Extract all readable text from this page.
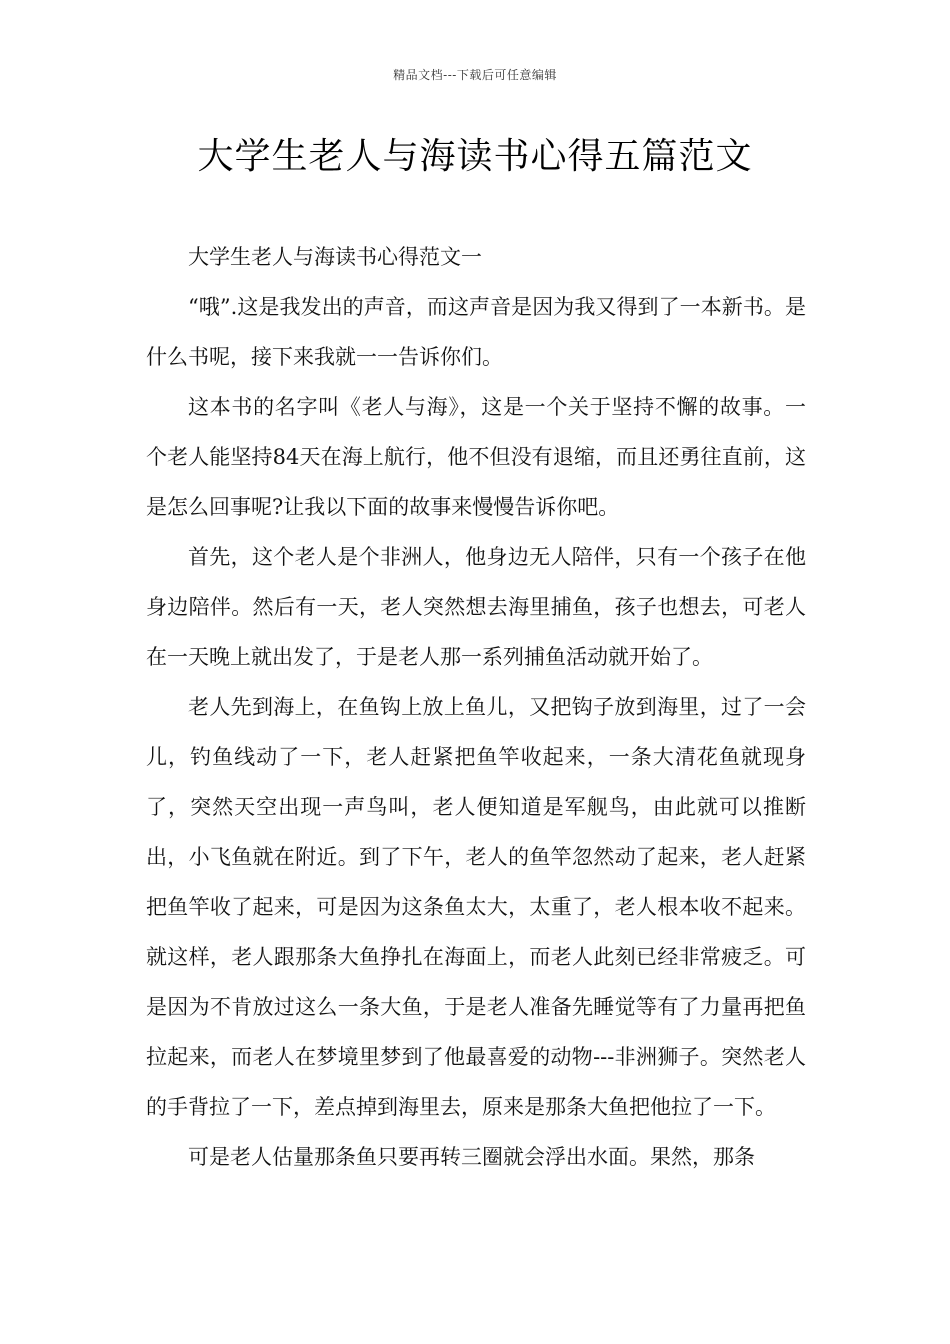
精品文档---下载后可任意编辑
大学生老人与海读书心得五篇范文

大学生老人与海读书心得范文一

“哦”.这是我发出的声音，而这声音是因为我又得到了一本新书。是什么书呢，接下来我就一一告诉你们。

这本书的名字叫《老人与海》，这是一个关于坚持不懈的故事。一个老人能坚持84天在海上航行，他不但没有退缩，而且还勇往直前，这是怎么回事呢?让我以下面的故事来慢慢告诉你吧。

首先，这个老人是个非洲人，他身边无人陪伴，只有一个孩子在他身边陪伴。然后有一天，老人突然想去海里捕鱼，孩子也想去，可老人在一天晚上就出发了，于是老人那一系列捕鱼活动就开始了。

老人先到海上，在鱼钩上放上鱼儿，又把钩子放到海里，过了一会儿，钓鱼线动了一下，老人赶紧把鱼竿收起来，一条大清花鱼就现身了，突然天空出现一声鸟叫，老人便知道是军舰鸟，由此就可以推断出，小飞鱼就在附近。到了下午，老人的鱼竿忽然动了起来，老人赶紧把鱼竿收了起来，可是因为这条鱼太大，太重了，老人根本收不起来。就这样，老人跟那条大鱼挣扎在海面上，而老人此刻已经非常疲乏。可是因为不肯放过这么一条大鱼，于是老人准备先睡觉等有了力量再把鱼拉起来，而老人在梦境里梦到了他最喜爱的动物---非洲狮子。突然老人的手背拉了一下，差点掉到海里去，原来是那条大鱼把他拉了一下。

可是老人估量那条鱼只要再转三圈就会浮出水面。果然，那条
